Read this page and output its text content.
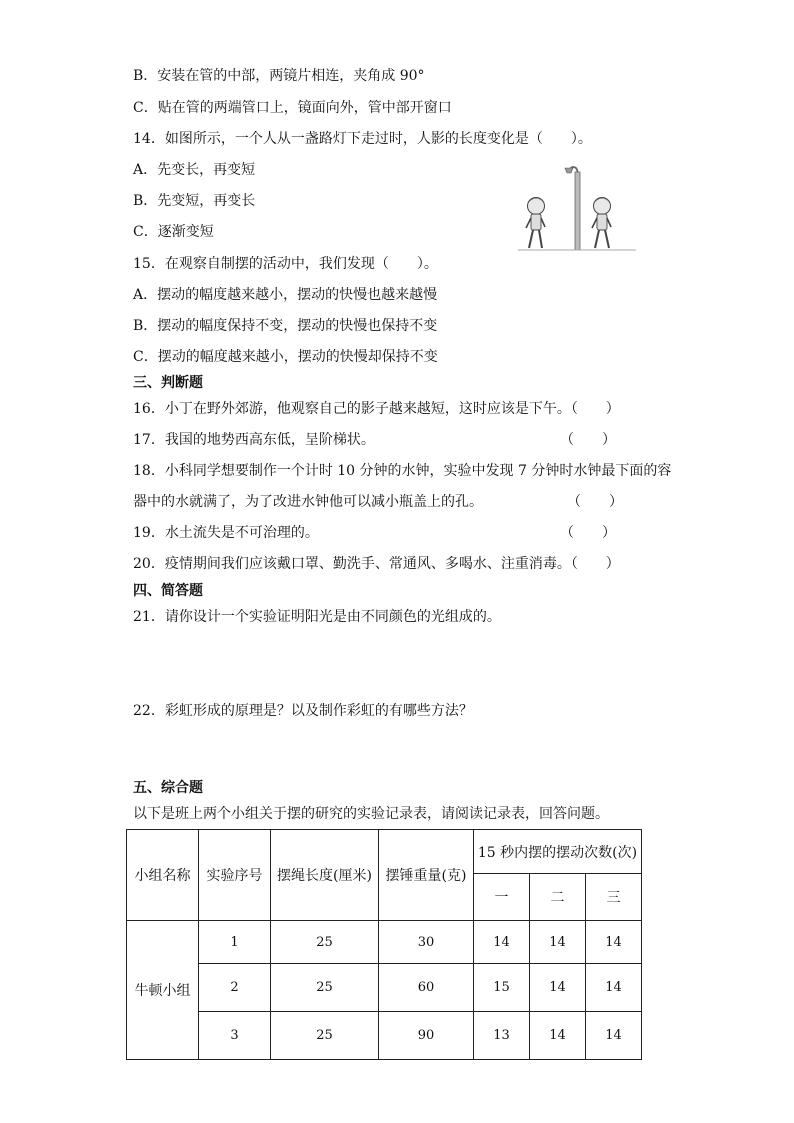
B．安装在管的中部，两镜片相连，夹角成 90°
C．贴在管的两端管口上，镜面向外，管中部开窗口
14．如图所示，一个人从一盏路灯下走过时，人影的长度变化是（　　）。
A．先变长，再变短
B．先变短，再变长
C．逐渐变短
15．在观察自制摆的活动中，我们发现（　　）。
A．摆动的幅度越来越小，摆动的快慢也越来越慢
B．摆动的幅度保持不变，摆动的快慢也保持不变
C．摆动的幅度越来越小，摆动的快慢却保持不变
三、判断题
16．小丁在野外郊游，他观察自己的影子越来越短，这时应该是下午。（　　）
17．我国的地势西高东低，呈阶梯状。	（　　）
18．小科同学想要制作一个计时 10 分钟的水钟，实验中发现 7 分钟时水钟最下面的容
器中的水就满了，为了改进水钟他可以减小瓶盖上的孔。	（　　）
19．水土流失是不可治理的。	（　　）
20．疫情期间我们应该戴口罩、勤洗手、常通风、多喝水、注重消毒。（　　）
四、简答题
21．请你设计一个实验证明阳光是由不同颜色的光组成的。
22．彩虹形成的原理是？以及制作彩虹的有哪些方法？
五、综合题
以下是班上两个小组关于摆的研究的实验记录表，请阅读记录表，回答问题。
小组名称	实验序号	摆绳长度(厘米)	摆锤重量(克)	15 秒内摆的摆动次数(次)		
				一	二	三
牛顿小组	1	25	30	14	14	14
	2	25	60	15	14	14
	3	25	90	13	14	14
